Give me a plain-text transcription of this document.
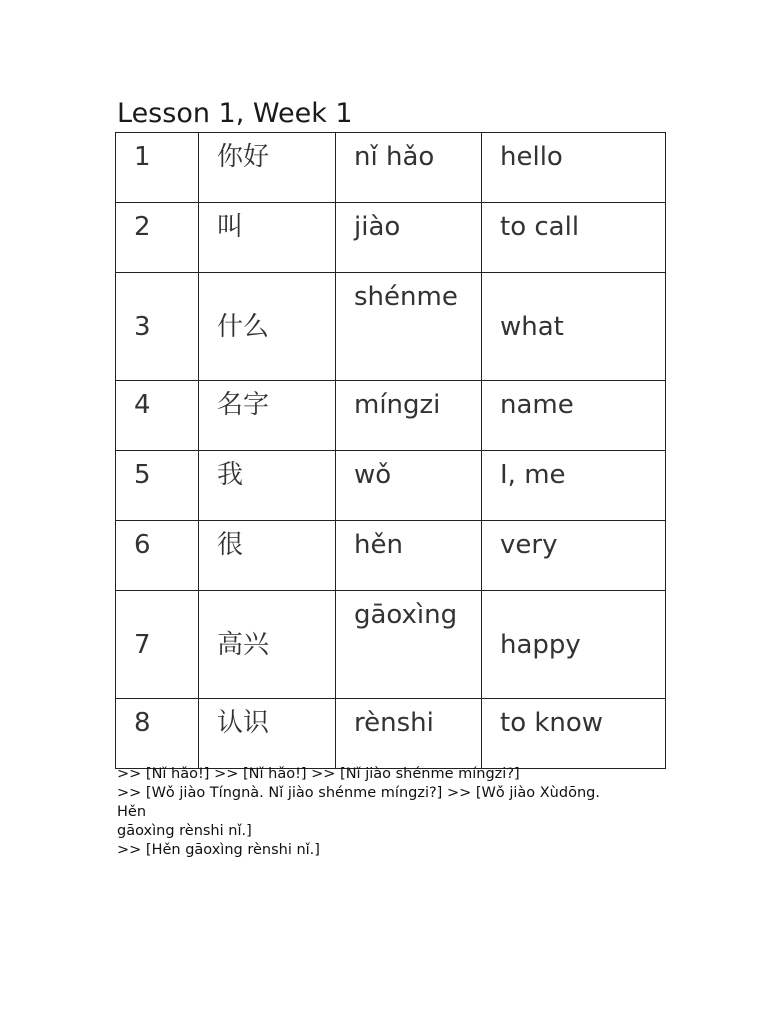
Lesson 1, Week 1
1	你好	nǐ hǎo	hello
2	叫	jiào	to call
3	什么	shénme	what
4	名字	míngzi	name
5	我	wǒ	I, me
6	很	hěn	very
7	高兴	gāoxìng	happy
8	认识	rènshi	to know
>> [Nǐ hǎo!] >> [Nǐ hǎo!] >> [Nǐ jiào shénme míngzi?]
>> [Wǒ jiào Tíngnà. Nǐ jiào shénme míngzi?] >> [Wǒ jiào Xùdōng.
Hěn
gāoxìng rènshi nǐ.]
>> [Hěn gāoxìng rènshi nǐ.]
